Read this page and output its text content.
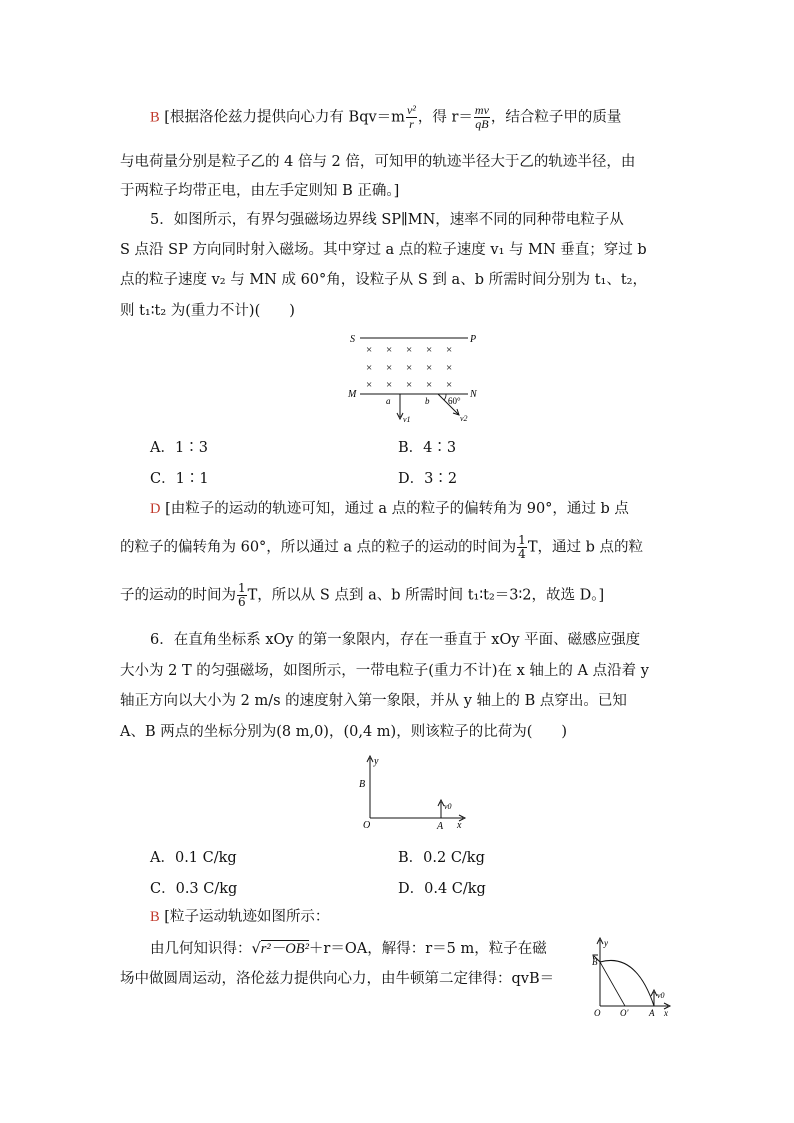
B [根据洛伦兹力提供向心力有 $Bqv=m \frac{\text{v²}}{r}$ ，得 $r= \frac{mv}{qB}$ ，结合粒子甲的质量
与电荷量分别是粒子乙的 4 倍与 2 倍，可知甲的轨迹半径大于乙的轨迹半径，由
于两粒子均带正电，由左手定则知 B 正确。]
5．如图所示，有界匀强磁场边界线 SP∥MN，速率不同的同种带电粒子从
S 点沿 SP 方向同时射入磁场。其中穿过 a 点的粒子速度 v₁ 与 MN 垂直；穿过 b
点的粒子速度 v₂ 与 MN 成 60°角，设粒子从 S 到 a、b 所需时间分别为 t₁、t₂，
则 t₁∶t₂ 为(重力不计)(　　)
S	P
M	N
× × × × ×
× × × × ×
× × × × ×
a	b
v1	v2
60°
A．1∶3	B．4∶3
C．1∶1	D．3∶2
D [由粒子的运动的轨迹可知，通过 a 点的粒子的偏转角为 90°，通过 b 点
的粒子的偏转角为 60°，所以通过 a 点的粒子的运动的时间为 $\frac{1}{4}$ T，通过 b 点的粒
子的运动的时间为 $\frac{1}{6}$ T，所以从 S 点到 a、b 所需时间 t₁∶t₂＝3∶2，故选 D。]
6．在直角坐标系 xOy 的第一象限内，存在一垂直于 xOy 平面、磁感应强度
大小为 2 T 的匀强磁场，如图所示，一带电粒子(重力不计)在 x 轴上的 A 点沿着 y
轴正方向以大小为 2 m/s 的速度射入第一象限，并从 y 轴上的 B 点穿出。已知
A、B 两点的坐标分别为(8 m,0)，(0,4 m)，则该粒子的比荷为(　　)
y
x
O
B
A
v0
A．0.1 C/kg	B．0.2 C/kg
C．0.3 C/kg	D．0.4 C/kg
B [粒子运动轨迹如图所示：
由几何知识得：√r²－OB²＋r＝OA，解得：r＝5 m，粒子在磁
场中做圆周运动，洛伦兹力提供向心力，由牛顿第二定律得：qvB＝
y
x
O O' A
B
v0
